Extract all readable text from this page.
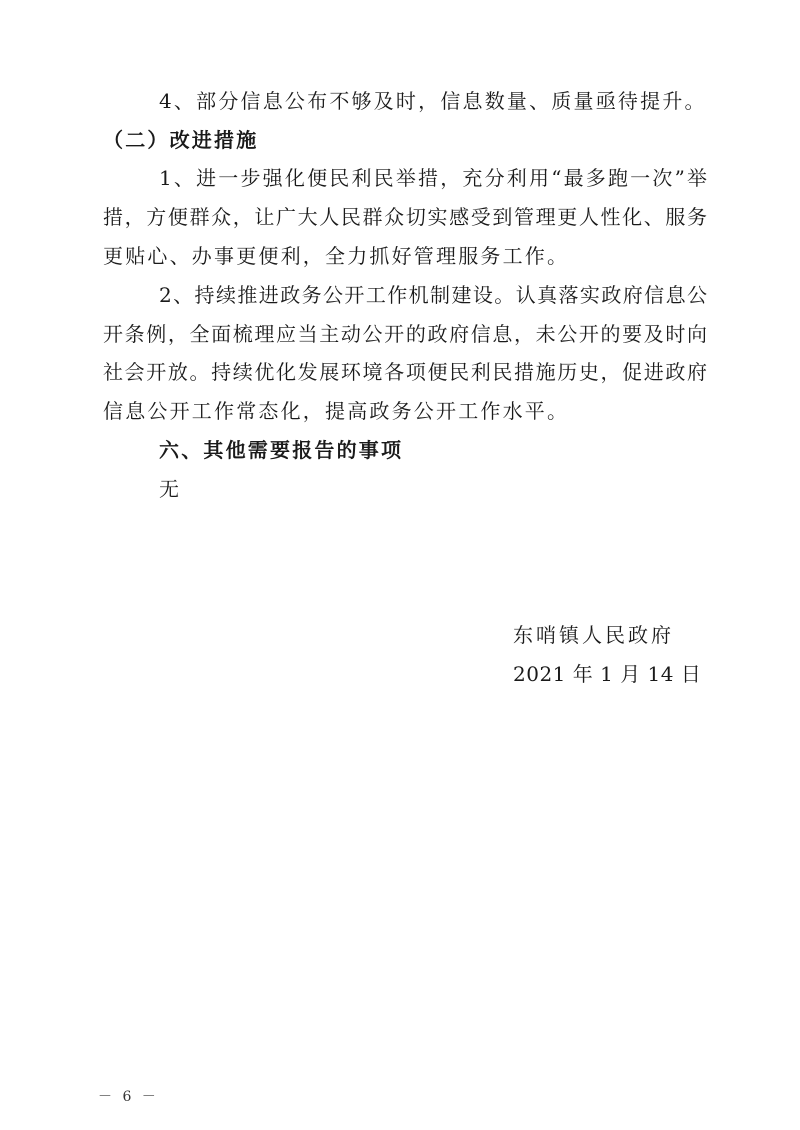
4、部分信息公布不够及时，信息数量、质量亟待提升。
（二）改进措施
1、进一步强化便民利民举措，充分利用“最多跑一次”举
措，方便群众，让广大人民群众切实感受到管理更人性化、服务
更贴心、办事更便利，全力抓好管理服务工作。
2、持续推进政务公开工作机制建设。认真落实政府信息公
开条例，全面梳理应当主动公开的政府信息，未公开的要及时向
社会开放。持续优化发展环境各项便民利民措施历史，促进政府
信息公开工作常态化，提高政务公开工作水平。
六、其他需要报告的事项
无
东哨镇人民政府
2021 年 1 月 14 日
－ 6 －
